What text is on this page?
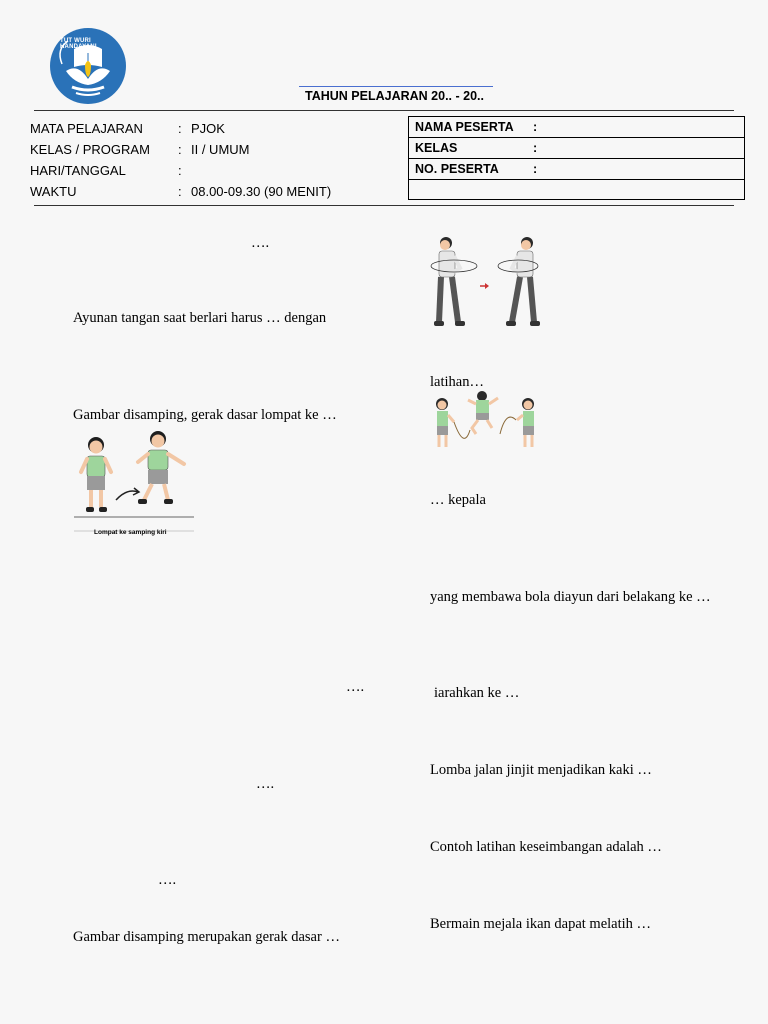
TUT WURI HANDAYANI
TAHUN PELAJARAN 20.. - 20..
MATA PELAJARAN	: PJOK
KELAS / PROGRAM : II / UMUM
HARI/TANGGAL	:
WAKTU	: 08.00-09.30 (90 MENIT)
NAMA PESERTA :
KELAS	:
NO. PESERTA	:
….
Ayunan tangan saat berlari harus … dengan
Gambar disamping, gerak dasar lompat ke …
Lompat ke samping kiri
….
….
….
Gambar disamping merupakan gerak dasar …
latihan…
… kepala
yang membawa bola diayun dari belakang ke …
iarahkan ke …
Lomba jalan jinjit menjadikan kaki …
Contoh latihan keseimbangan adalah …
Bermain mejala ikan dapat melatih …
